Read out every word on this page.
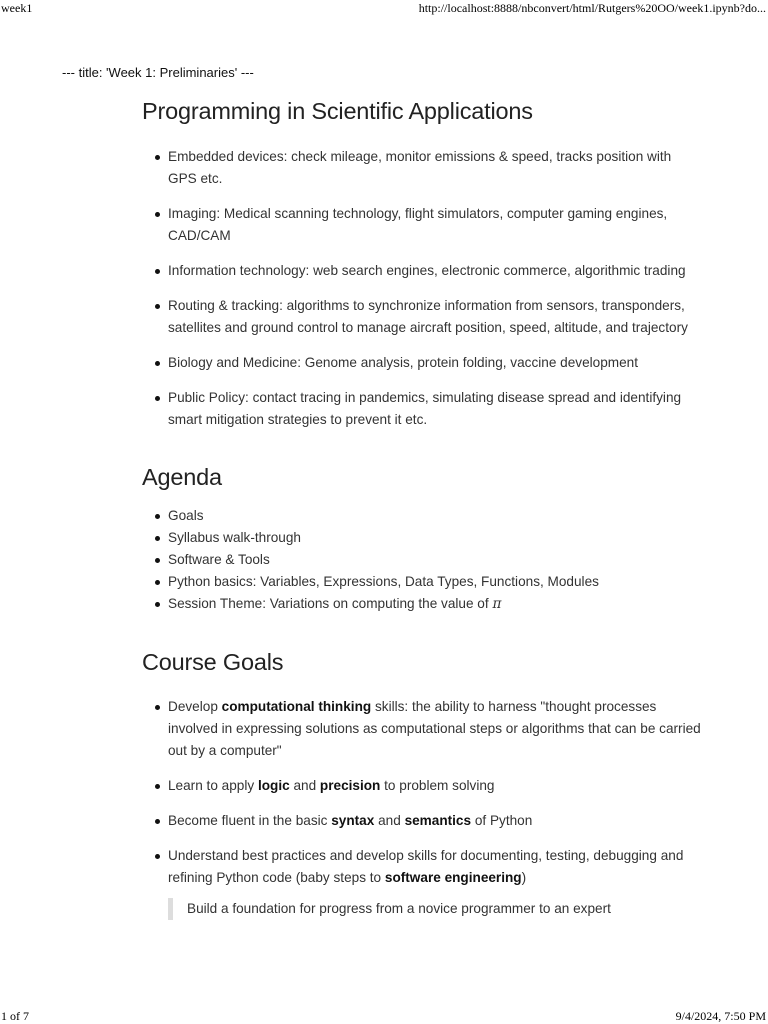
week1	http://localhost:8888/nbconvert/html/Rutgers%20OO/week1.ipynb?do...
--- title: 'Week 1: Preliminaries' ---
Programming in Scientific Applications
Embedded devices: check mileage, monitor emissions & speed, tracks position with GPS etc.
Imaging: Medical scanning technology, flight simulators, computer gaming engines, CAD/CAM
Information technology: web search engines, electronic commerce, algorithmic trading
Routing & tracking: algorithms to synchronize information from sensors, transponders, satellites and ground control to manage aircraft position, speed, altitude, and trajectory
Biology and Medicine: Genome analysis, protein folding, vaccine development
Public Policy: contact tracing in pandemics, simulating disease spread and identifying smart mitigation strategies to prevent it etc.
Agenda
Goals
Syllabus walk-through
Software & Tools
Python basics: Variables, Expressions, Data Types, Functions, Modules
Session Theme: Variations on computing the value of π
Course Goals
Develop computational thinking skills: the ability to harness "thought processes involved in expressing solutions as computational steps or algorithms that can be carried out by a computer"
Learn to apply logic and precision to problem solving
Become fluent in the basic syntax and semantics of Python
Understand best practices and develop skills for documenting, testing, debugging and refining Python code (baby steps to software engineering)
Build a foundation for progress from a novice programmer to an expert
1 of 7	9/4/2024, 7:50 PM
